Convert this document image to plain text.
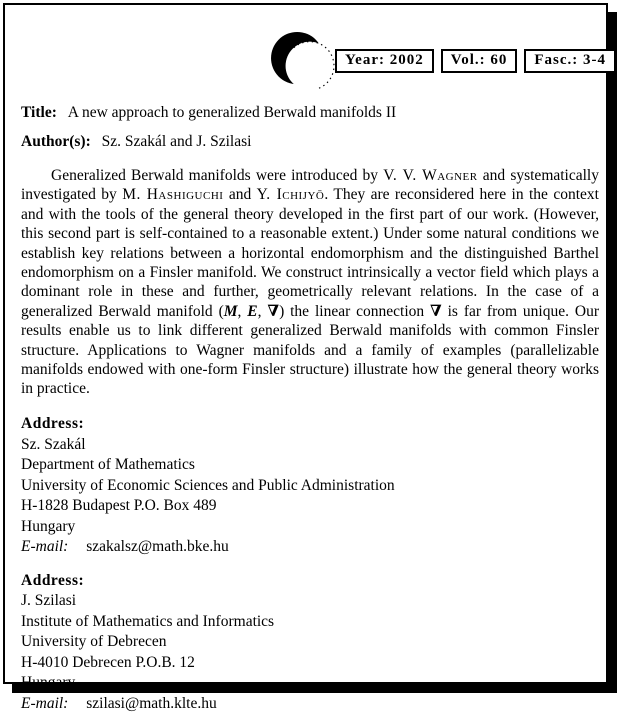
Year: 2002	Vol.: 60	Fasc.: 3-4
Title: A new approach to generalized Berwald manifolds II
Author(s): Sz. Szakál and J. Szilasi

Generalized Berwald manifolds were introduced by V. V. Wagner and systematically investigated by M. Hashiguchi and Y. Ichijyō. They are reconsidered here in the context and with the tools of the general theory developed in the first part of our work. (However, this second part is self-contained to a reasonable extent.) Under some natural conditions we establish key relations between a horizontal endomorphism and the distinguished Barthel endomorphism on a Finsler manifold. We construct intrinsically a vector field which plays a dominant role in these and further, geometrically relevant relations. In the case of a generalized Berwald manifold (M, E, ∇) the linear connection ∇ is far from unique. Our results enable us to link different generalized Berwald manifolds with common Finsler structure. Applications to Wagner manifolds and a family of examples (parallelizable manifolds endowed with one-form Finsler structure) illustrate how the general theory works in practice.

Address:
Sz. Szakál
Department of Mathematics
University of Economic Sciences and Public Administration
H-1828 Budapest P.O. Box 489
Hungary
E-mail: szakalsz@math.bke.hu
Address:
J. Szilasi
Institute of Mathematics and Informatics
University of Debrecen
H-4010 Debrecen P.O.B. 12
Hungary
E-mail: szilasi@math.klte.hu
